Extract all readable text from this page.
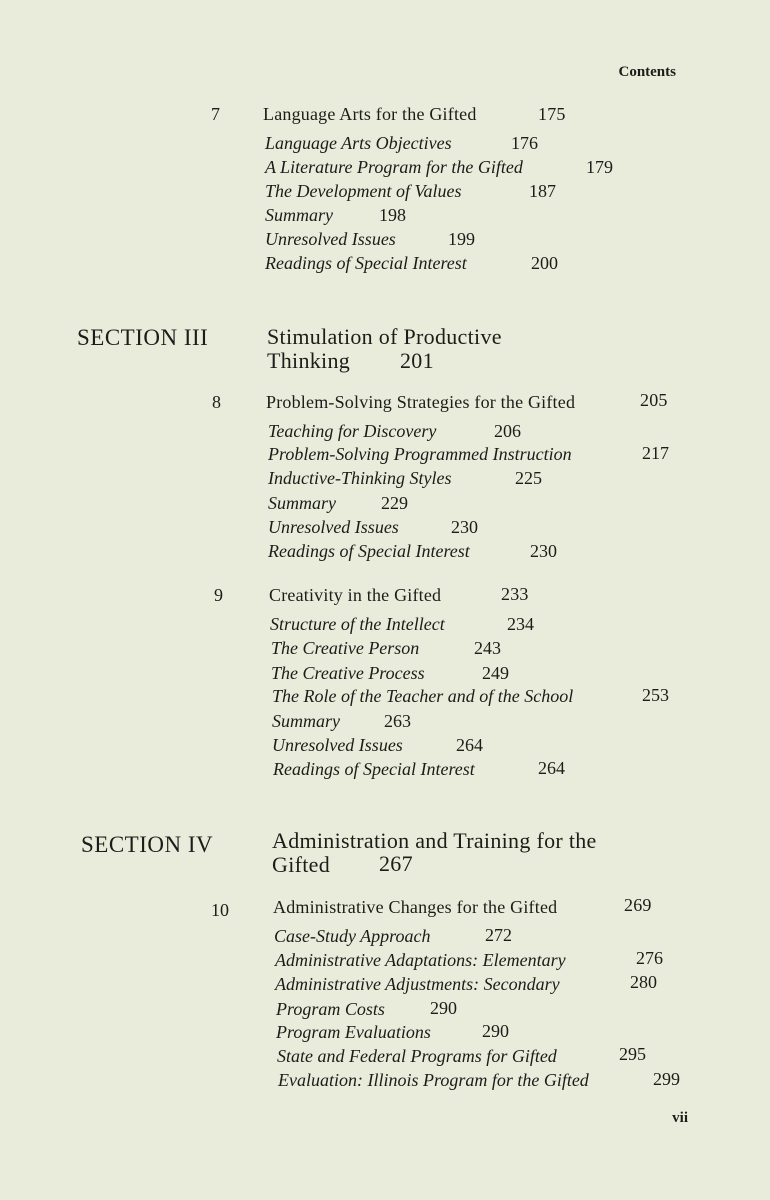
Contents
7 Language Arts for the Gifted	175
Language Arts Objectives	176
A Literature Program for the Gifted	179
The Development of Values	187
Summary	198
Unresolved Issues	199
Readings of Special Interest	200
SECTION III	Stimulation of Productive
Thinking 201
8	Problem-Solving Strategies for the Gifted	205
Teaching for Discovery	206
Problem-Solving Programmed Instruction	217
Inductive-Thinking Styles	225
Summary	229
Unresolved Issues	230
Readings of Special Interest	230
9	Creativity in the Gifted	233
Structure of the Intellect	234
The Creative Person	243
The Creative Process	249
The Role of the Teacher and of the School	253
Summary 263
Unresolved Issues	264
Readings of Special Interest	264
SECTION IV	Administration and Training for the
Gifted 267
10 Administrative Changes for the Gifted	269
Case-Study Approach	272
Administrative Adaptations: Elementary	276
Administrative Adjustments: Secondary	280
Program Costs	290
Program Evaluations	290
State and Federal Programs for Gifted	295
Evaluation: Illinois Program for the Gifted	299
vii
